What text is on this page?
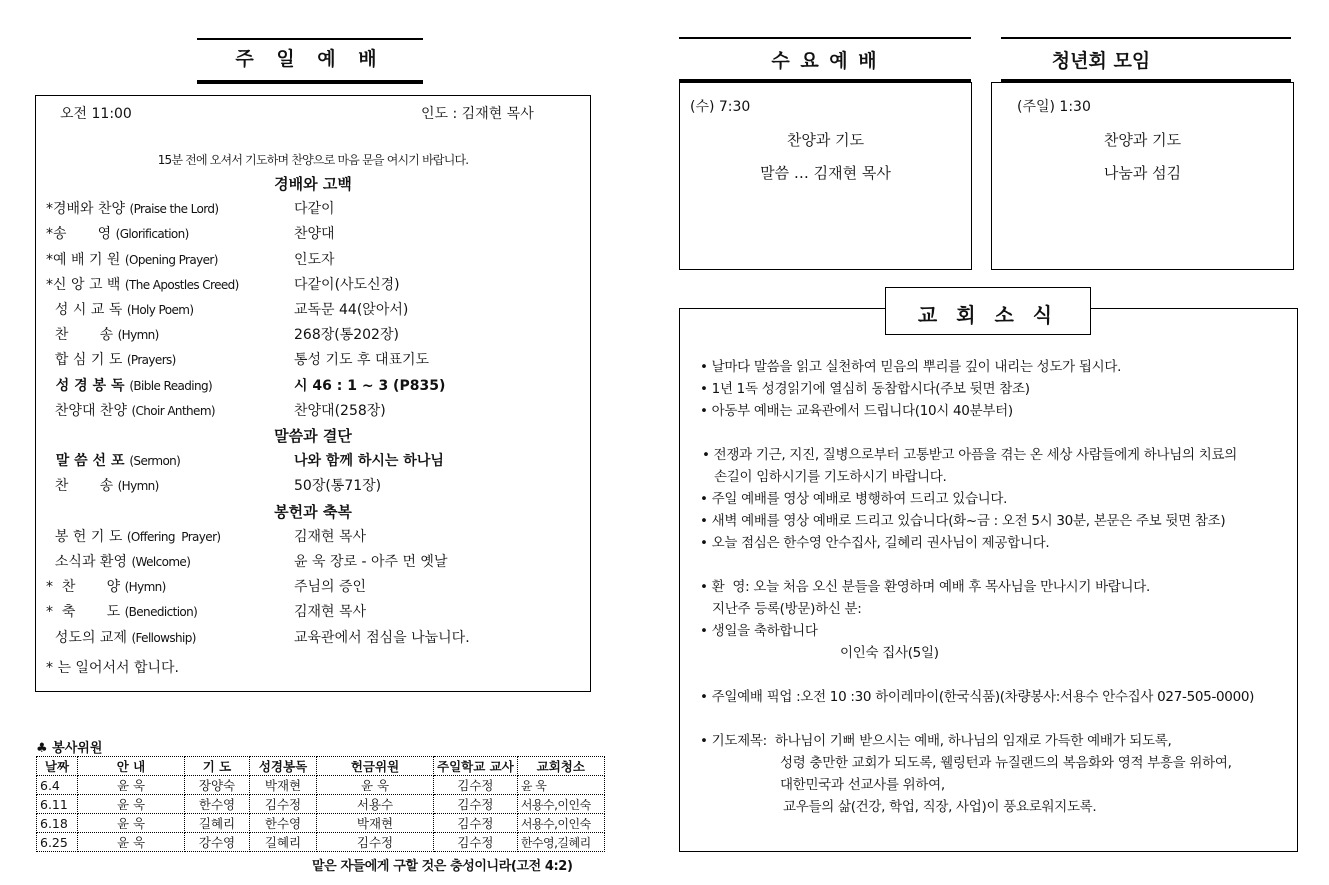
주 일 예 배
오전 11:00	인도 : 김재현 목사
15분 전에 오셔서 기도하며 찬양으로 마음 문을 여시기 바랍니다.
경배와 고백
*경배와 찬양 (Praise the Lord)	다같이
*송       영 (Glorification)	찬양대
*예 배 기 원 (Opening Prayer)	인도자
*신 앙 고 백 (The Apostles Creed)	다같이(사도신경)
성 시 교 독 (Holy Poem)	교독문 44(앉아서)
찬       송 (Hymn)	268장(통202장)
합 심 기 도 (Prayers)	통성 기도 후 대표기도
성 경 봉 독 (Bible Reading)	시 46 : 1 ~ 3 (P835)
찬양대 찬양 (Choir Anthem)	찬양대(258장)
말씀과 결단
말 씀 선 포 (Sermon)	나와 함께 하시는 하나님
찬       송 (Hymn)	50장(통71장)
봉헌과 축복
봉 헌 기 도 (Offering  Prayer)	김재현 목사
소식과 환영 (Welcome)	윤 욱 장로 - 아주 먼 옛날
*  찬       양 (Hymn)	주님의 증인
*  축       도 (Benediction)	김재현 목사
성도의 교제 (Fellowship)	교육관에서 점심을 나눕니다.
* 는 일어서서 합니다.
♣ 봉사위원
날짜	안 내	기 도	성경봉독	헌금위원	주일학교 교사	교회청소
6.4	윤 욱	장양숙	박재현	윤 욱	김수정	윤 욱
6.11	윤 욱	한수영	김수정	서용수	김수정	서용수,이인숙
6.18	윤 욱	길혜리	한수영	박재현	김수정	서용수,이인숙
6.25	윤 욱	강수영	길혜리	김수정	김수정	한수영,길혜리
맡은 자들에게 구할 것은 충성이니라(고전 4:2)
수 요 예 배
(수) 7:30
찬양과 기도
말씀 … 김재현 목사
청년회 모임
(주일) 1:30
찬양과 기도
나눔과 섬김
• 날마다 말씀을 읽고 실천하여 믿음의 뿌리를 깊이 내리는 성도가 됩시다.
• 1년 1독 성경읽기에 열심히 동참합시다(주보 뒷면 참조)
• 아동부 예배는 교육관에서 드립니다(10시 40분부터)
• 전쟁과 기근, 지진, 질병으로부터 고통받고 아픔을 겪는 온 세상 사람들에게 하나님의 치료의
손길이 임하시기를 기도하시기 바랍니다.
• 주일 예배를 영상 예배로 병행하여 드리고 있습니다.
• 새벽 예배를 영상 예배로 드리고 있습니다(화~금 : 오전 5시 30분, 본문은 주보 뒷면 참조)
• 오늘 점심은 한수영 안수집사, 길혜리 권사님이 제공합니다.
• 환  영: 오늘 처음 오신 분들을 환영하며 예배 후 목사님을 만나시기 바랍니다.
지난주 등록(방문)하신 분:
• 생일을 축하합니다
이인숙 집사(5일)
• 주일예배 픽업 :오전 10 :30 하이레마이(한국식품)(차량봉사:서용수 안수집사 027-505-0000)
• 기도제목:  하나님이 기뻐 받으시는 예배, 하나님의 임재로 가득한 예배가 되도록,
성령 충만한 교회가 되도록, 웰링턴과 뉴질랜드의 복음화와 영적 부흥을 위하여,
대한민국과 선교사를 위하여,
교우들의 삶(건강, 학업, 직장, 사업)이 풍요로워지도록.
교 회 소 식
